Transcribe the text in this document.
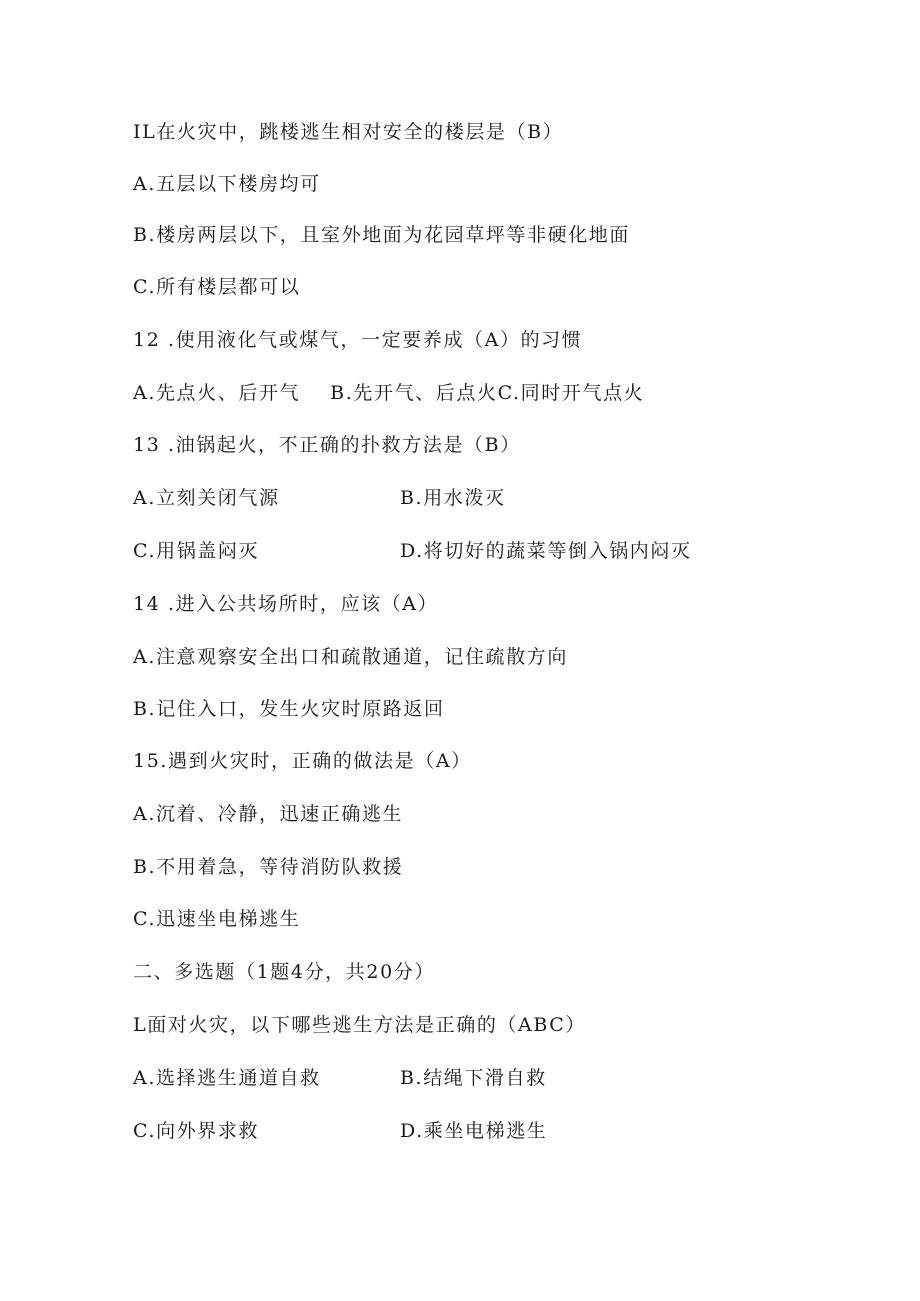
IL在火灾中，跳楼逃生相对安全的楼层是（B）
A.五层以下楼房均可
B.楼房两层以下，且室外地面为花园草坪等非硬化地面
C.所有楼层都可以
12 .使用液化气或煤气，一定要养成（A）的习惯
A.先点火、后开气 B.先开气、后点火C.同时开气点火
13 .油锅起火，不正确的扑救方法是（B）
A.立刻关闭气源	B.用水泼灭
C.用锅盖闷灭	D.将切好的蔬菜等倒入锅内闷灭
14 .进入公共场所时，应该（A）
A.注意观察安全出口和疏散通道，记住疏散方向
B.记住入口，发生火灾时原路返回
15.遇到火灾时，正确的做法是（A）
A.沉着、冷静，迅速正确逃生
B.不用着急，等待消防队救援
C.迅速坐电梯逃生
二、多选题（1题4分，共20分）
L面对火灾，以下哪些逃生方法是正确的（ABC）
A.选择逃生通道自救	B.结绳下滑自救
C.向外界求救	D.乘坐电梯逃生
